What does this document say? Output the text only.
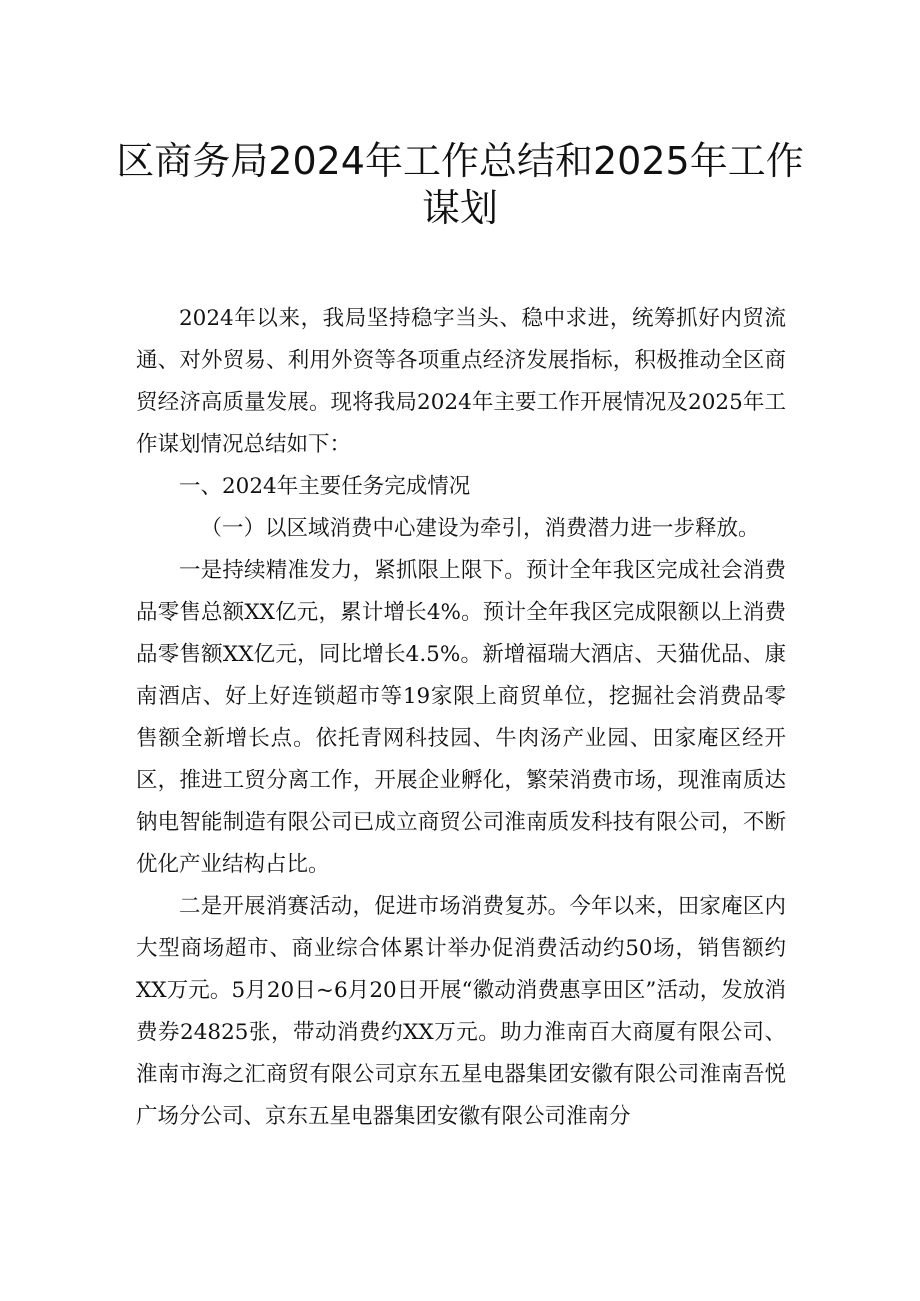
区商务局2024年工作总结和2025年工作
谋划

2024年以来，我局坚持稳字当头、稳中求进，统筹抓好内贸流通、对外贸易、利用外资等各项重点经济发展指标，积极推动全区商贸经济高质量发展。现将我局2024年主要工作开展情况及2025年工作谋划情况总结如下：

一、2024年主要任务完成情况

（一）以区域消费中心建设为牵引，消费潜力进一步释放。

一是持续精准发力，紧抓限上限下。预计全年我区完成社会消费品零售总额XX亿元，累计增长4%。预计全年我区完成限额以上消费品零售额XX亿元，同比增长4.5%。新增福瑞大酒店、天猫优品、康南酒店、好上好连锁超市等19家限上商贸单位，挖掘社会消费品零售额全新增长点。依托青网科技园、牛肉汤产业园、田家庵区经开区，推进工贸分离工作，开展企业孵化，繁荣消费市场，现淮南质达钠电智能制造有限公司已成立商贸公司淮南质发科技有限公司，不断优化产业结构占比。

二是开展消赛活动，促进市场消费复苏。今年以来，田家庵区内大型商场超市、商业综合体累计举办促消费活动约50场，销售额约XX万元。5月20日~6月20日开展“徽动消费惠享田区”活动，发放消费券24825张，带动消费约XX万元。助力淮南百大商厦有限公司、淮南市海之汇商贸有限公司京东五星电器集团安徽有限公司淮南吾悦广场分公司、京东五星电器集团安徽有限公司淮南分
